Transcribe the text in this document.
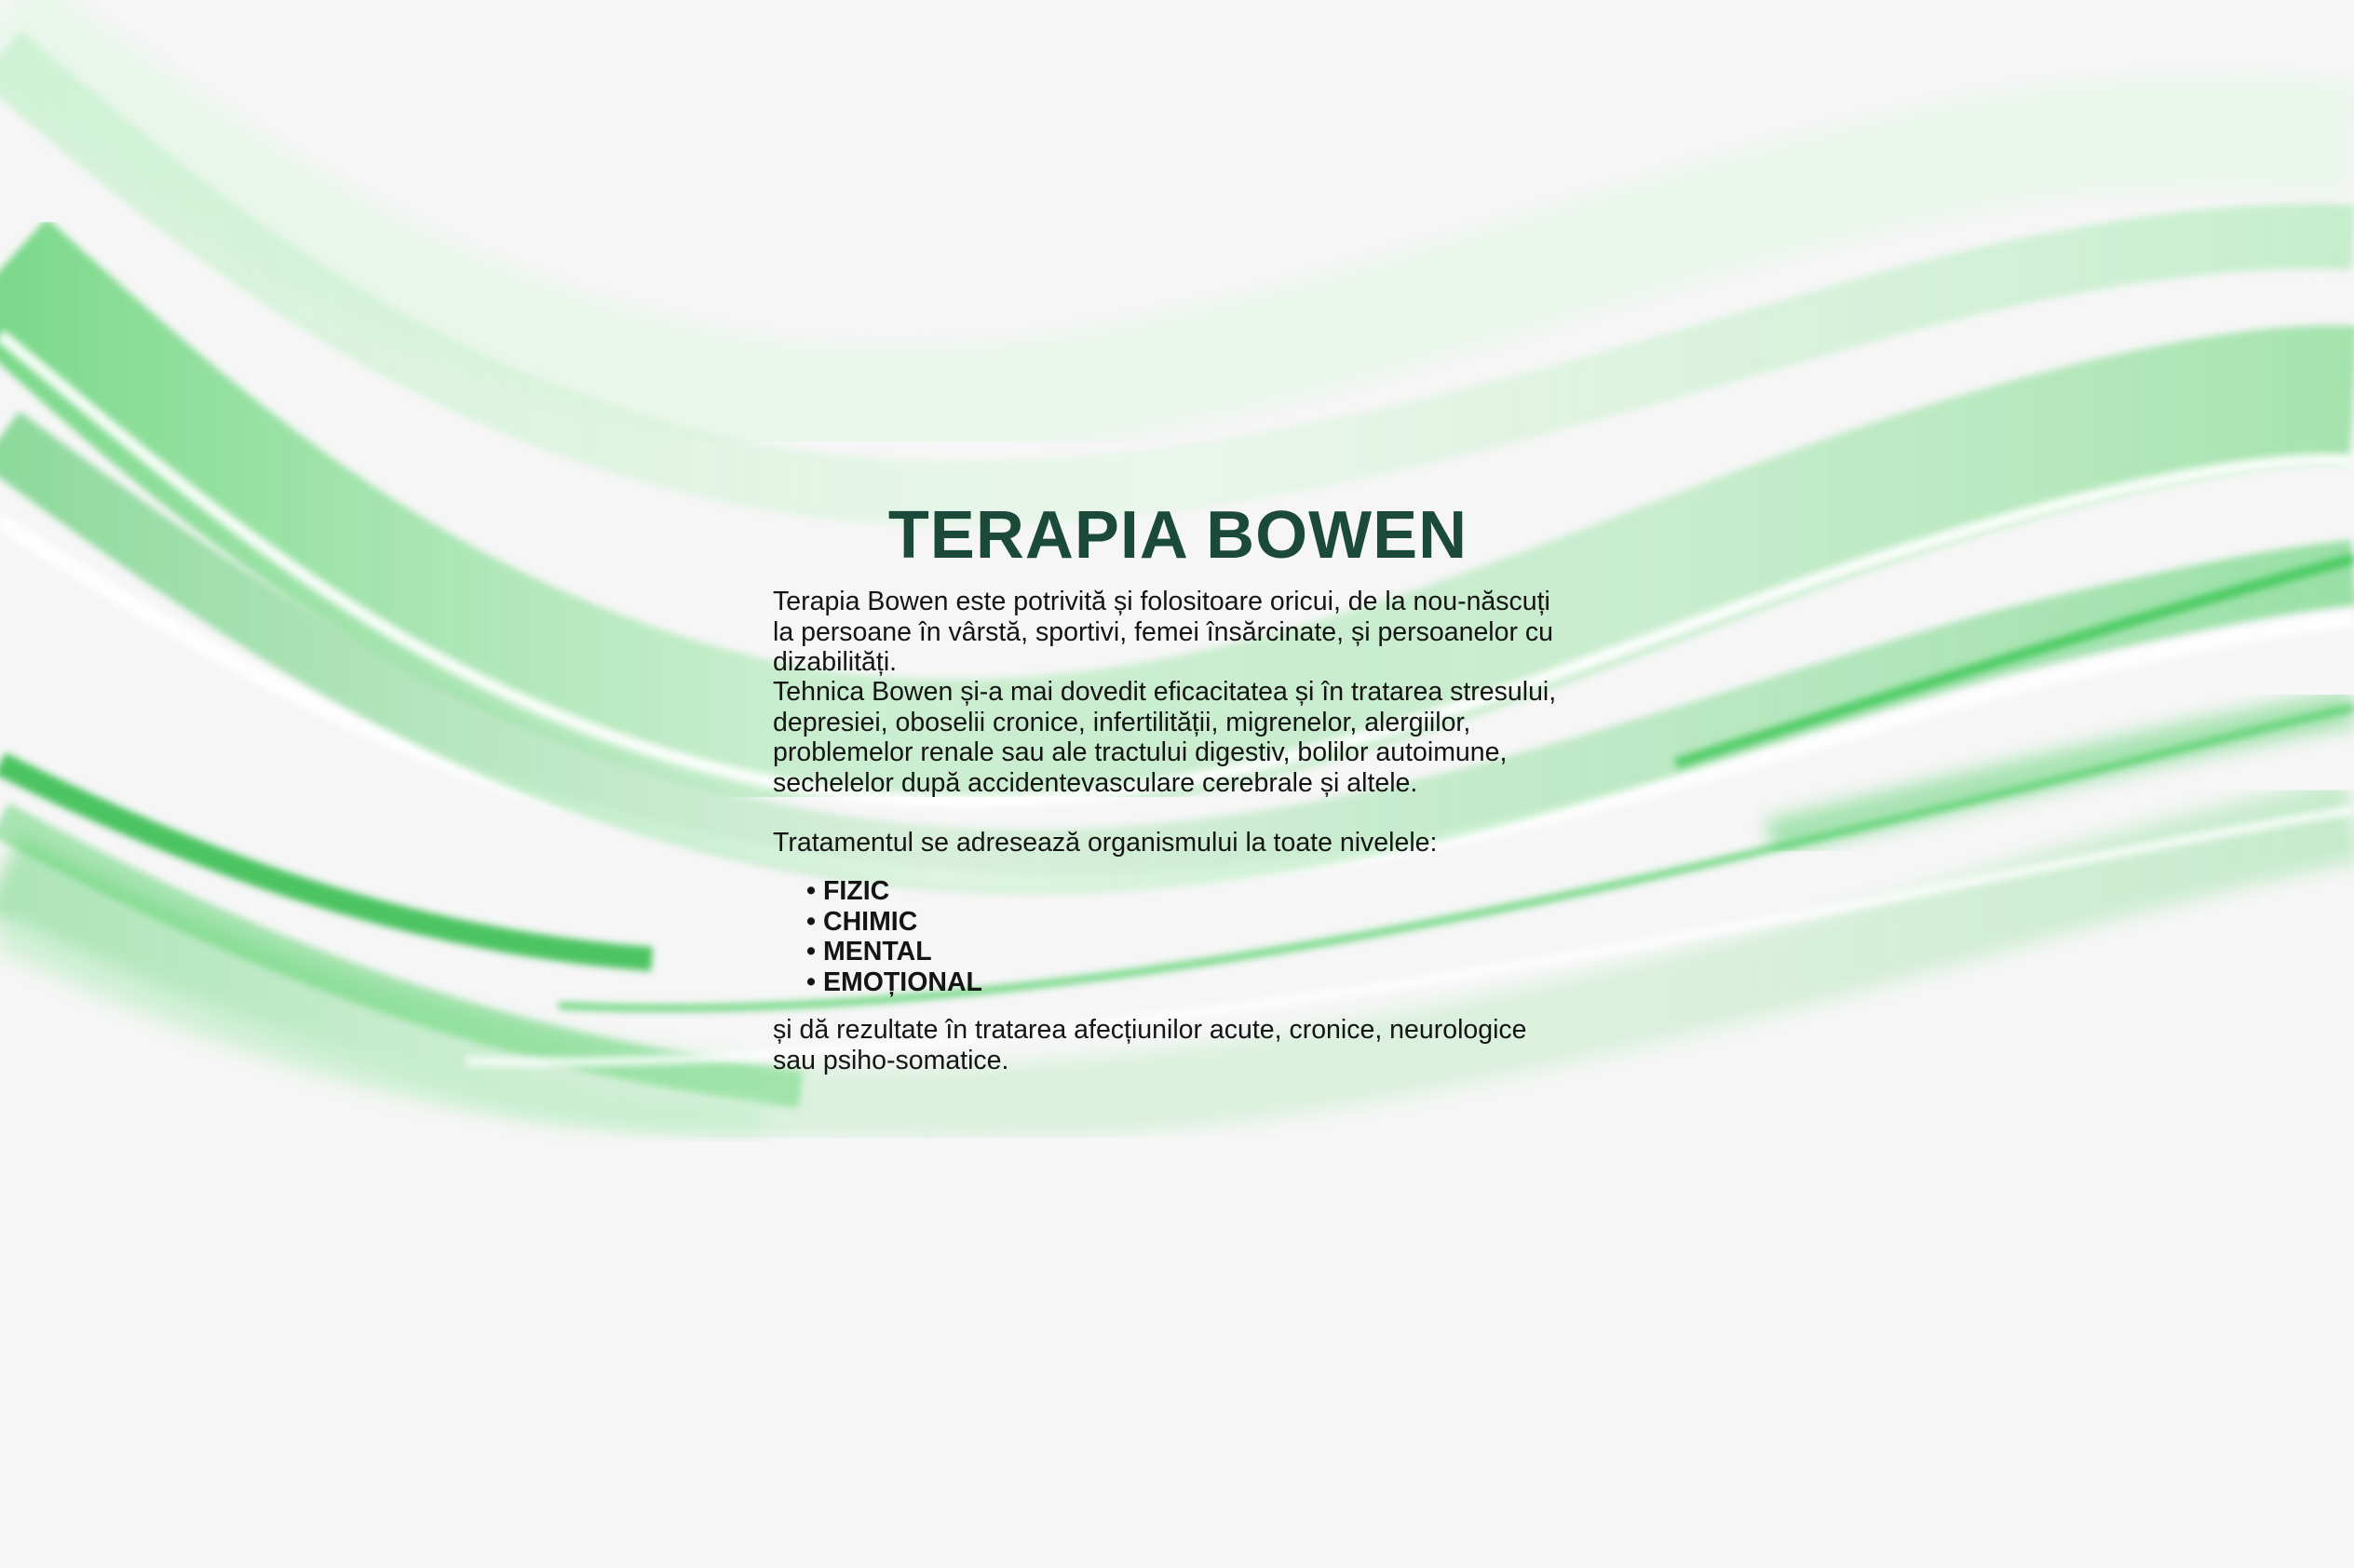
TERAPIA BOWEN

Terapia Bowen este potrivită și folositoare oricui, de la nou-născuți
la persoane în vârstă, sportivi, femei însărcinate, și persoanelor cu
dizabilități.

Tehnica Bowen și-a mai dovedit eficacitatea și în tratarea stresului,
depresiei, oboselii cronice, infertilității, migrenelor, alergiilor,
problemelor renale sau ale tractului digestiv, bolilor autoimune,
sechelelor după accidentevasculare cerebrale și altele.

Tratamentul se adresează organismului la toate nivelele:

• FIZIC
• CHIMIC
• MENTAL
• EMOȚIONAL

și dă rezultate în tratarea afecțiunilor acute, cronice, neurologice
sau psiho-somatice.
